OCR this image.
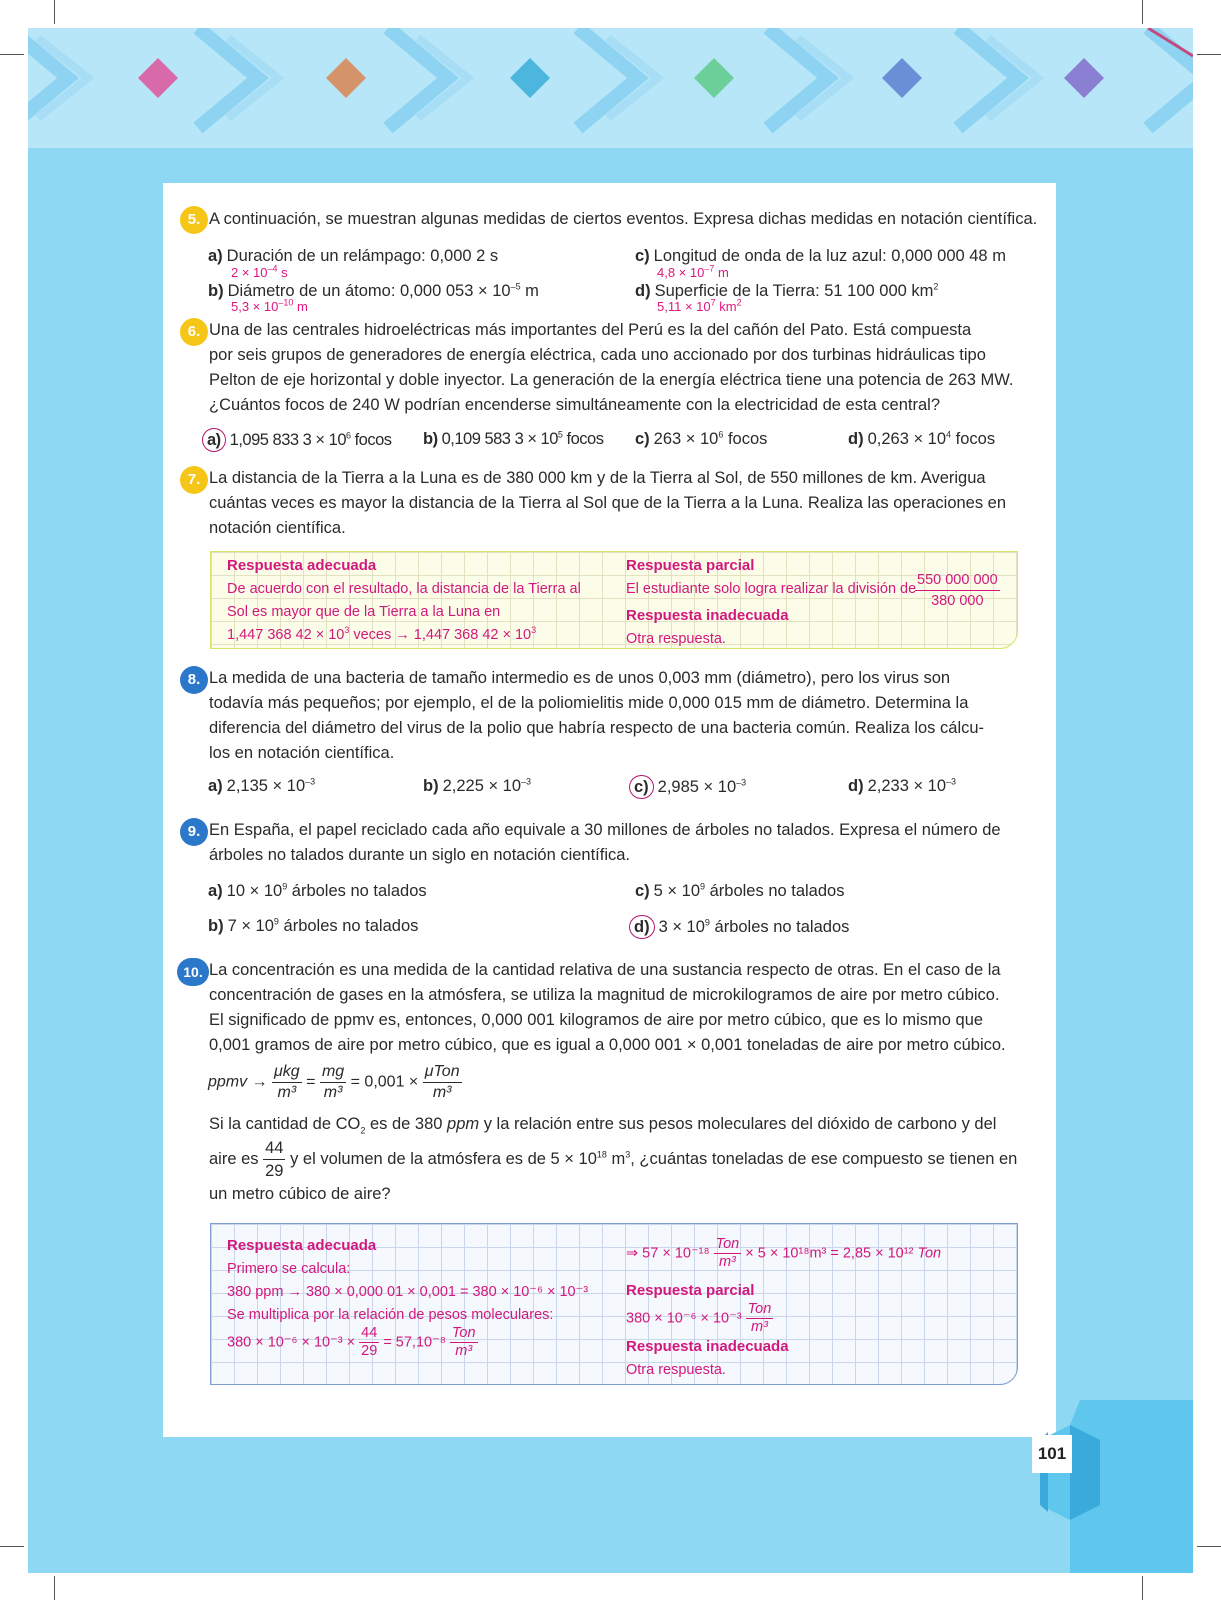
5. A continuación, se muestran algunas medidas de ciertos eventos. Expresa dichas medidas en notación científica.
a) Duración de un relámpago: 0,000 2 s
$2 \times 10^{-4}$ s
b) Diámetro de un átomo: 0,000 $053 \times 10^{-5}$ m
$5,3 \times 10^{-10}$ m
c) Longitud de onda de la luz azul: 0,000 000 48 m
$4,8 \times 10^{-7}$ m
d) Superficie de la Tierra: 51 100 000 $km^2$
$5,11 \times 10^7$ $km^2$
6. Una de las centrales hidroeléctricas más importantes del Perú es la del cañón del Pato. Está compuesta
por seis grupos de generadores de energía eléctrica, cada uno accionado por dos turbinas hidráulicas tipo
Pelton de eje horizontal y doble inyector. La generación de la energía eléctrica tiene una potencia de 263 MW.
¿Cuántos focos de 240 W podrían encenderse simultáneamente con la electricidad de esta central?
a) 1,095 833 $3 \times 10^6$ focos b) 0,109 583 $3 \times 10^5$ focos c) $263 \times 10^6$ focos	d) $0,263 \times 10^4$ focos
7. La distancia de la Tierra a la Luna es de 380 000 km y de la Tierra al Sol, de 550 millones de km. Averigua
cuántas veces es mayor la distancia de la Tierra al Sol que de la Tierra a la Luna. Realiza las operaciones en
notación científica.
Respuesta adecuada
De acuerdo con el resultado, la distancia de la Tierra al
Sol es mayor que de la Tierra a la Luna en
1,447 368 $42 \times 10^3$ veces → 1,447 368 $42 \times 10^3$
Respuesta parcial
El estudiante solo logra realizar la división de
$\frac{550 000 000}{380 000}$
Respuesta inadecuada
Otra respuesta.
8. La medida de una bacteria de tamaño intermedio es de unos 0,003 mm (diámetro), pero los virus son
todavía más pequeños; por ejemplo, el de la poliomielitis mide 0,000 015 mm de diámetro. Determina la
diferencia del diámetro del virus de la polio que habría respecto de una bacteria común. Realiza los cálcu-
los en notación científica.
a) $2,135 \times 10^{-3}$	b) $2,225 \times 10^{-3}$	c) $2,985 \times 10^{-3}$	d) $2,233 \times 10^{-3}$
9. En España, el papel reciclado cada año equivale a 30 millones de árboles no talados. Expresa el número de
árboles no talados durante un siglo en notación científica.
a) $10 \times 10^9$ árboles no talados
b) $7 \times 10^9$ árboles no talados
c) $5 \times 10^9$ árboles no talados
d) $3 \times 10^9$ árboles no talados
10. La concentración es una medida de la cantidad relativa de una sustancia respecto de otras. En el caso de la
concentración de gases en la atmósfera, se utiliza la magnitud de microkilogramos de aire por metro cúbico.
El significado de ppmv es, entonces, 0,000 001 kilogramos de aire por metro cúbico, que es lo mismo que
0,001 gramos de aire por metro cúbico, que es igual a 0,000 001 × 0,001 toneladas de aire por metro cúbico.
ppmv → $\frac{\text{μkg}}{\text{m³}} = \frac{mg}{\text{m³}} = 0,001 \times \frac{\text{μTon}}{\text{m³}}$
Si la cantidad de $CO_2$ es de 380 ppm y la relación entre sus pesos moleculares del dióxido de carbono y del
aire es $\frac{44}{29}$ y el volumen de la atmósfera es de $5 \times 10^{18}$ $m^3$, ¿cuántas toneladas de ese compuesto se tienen en
un metro cúbico de aire?
Respuesta adecuada
Primero se calcula:
380 ppm → 380 × 0,000 01 × 0,001 = 380 × 10⁻⁶ × 10⁻³
Se multiplica por la relación de pesos moleculares:
$380 \times 10^{-6} \times 10^{-3} \times \frac{44}{29} = 57,10^{-8} \frac{\text{Ton}}{\text{m³}}$
⇒ $57 \times 10^{-18} \frac{\text{Ton}}{\text{m³}} \times 5 \times 10^{18}m^3 = 2,85 \times 10^{12}$ Ton
Respuesta parcial
$380 \times 10^{-6} \times 10^{-3} \frac{\text{Ton}}{\text{m³}}$
Respuesta inadecuada
Otra respuesta.
101
